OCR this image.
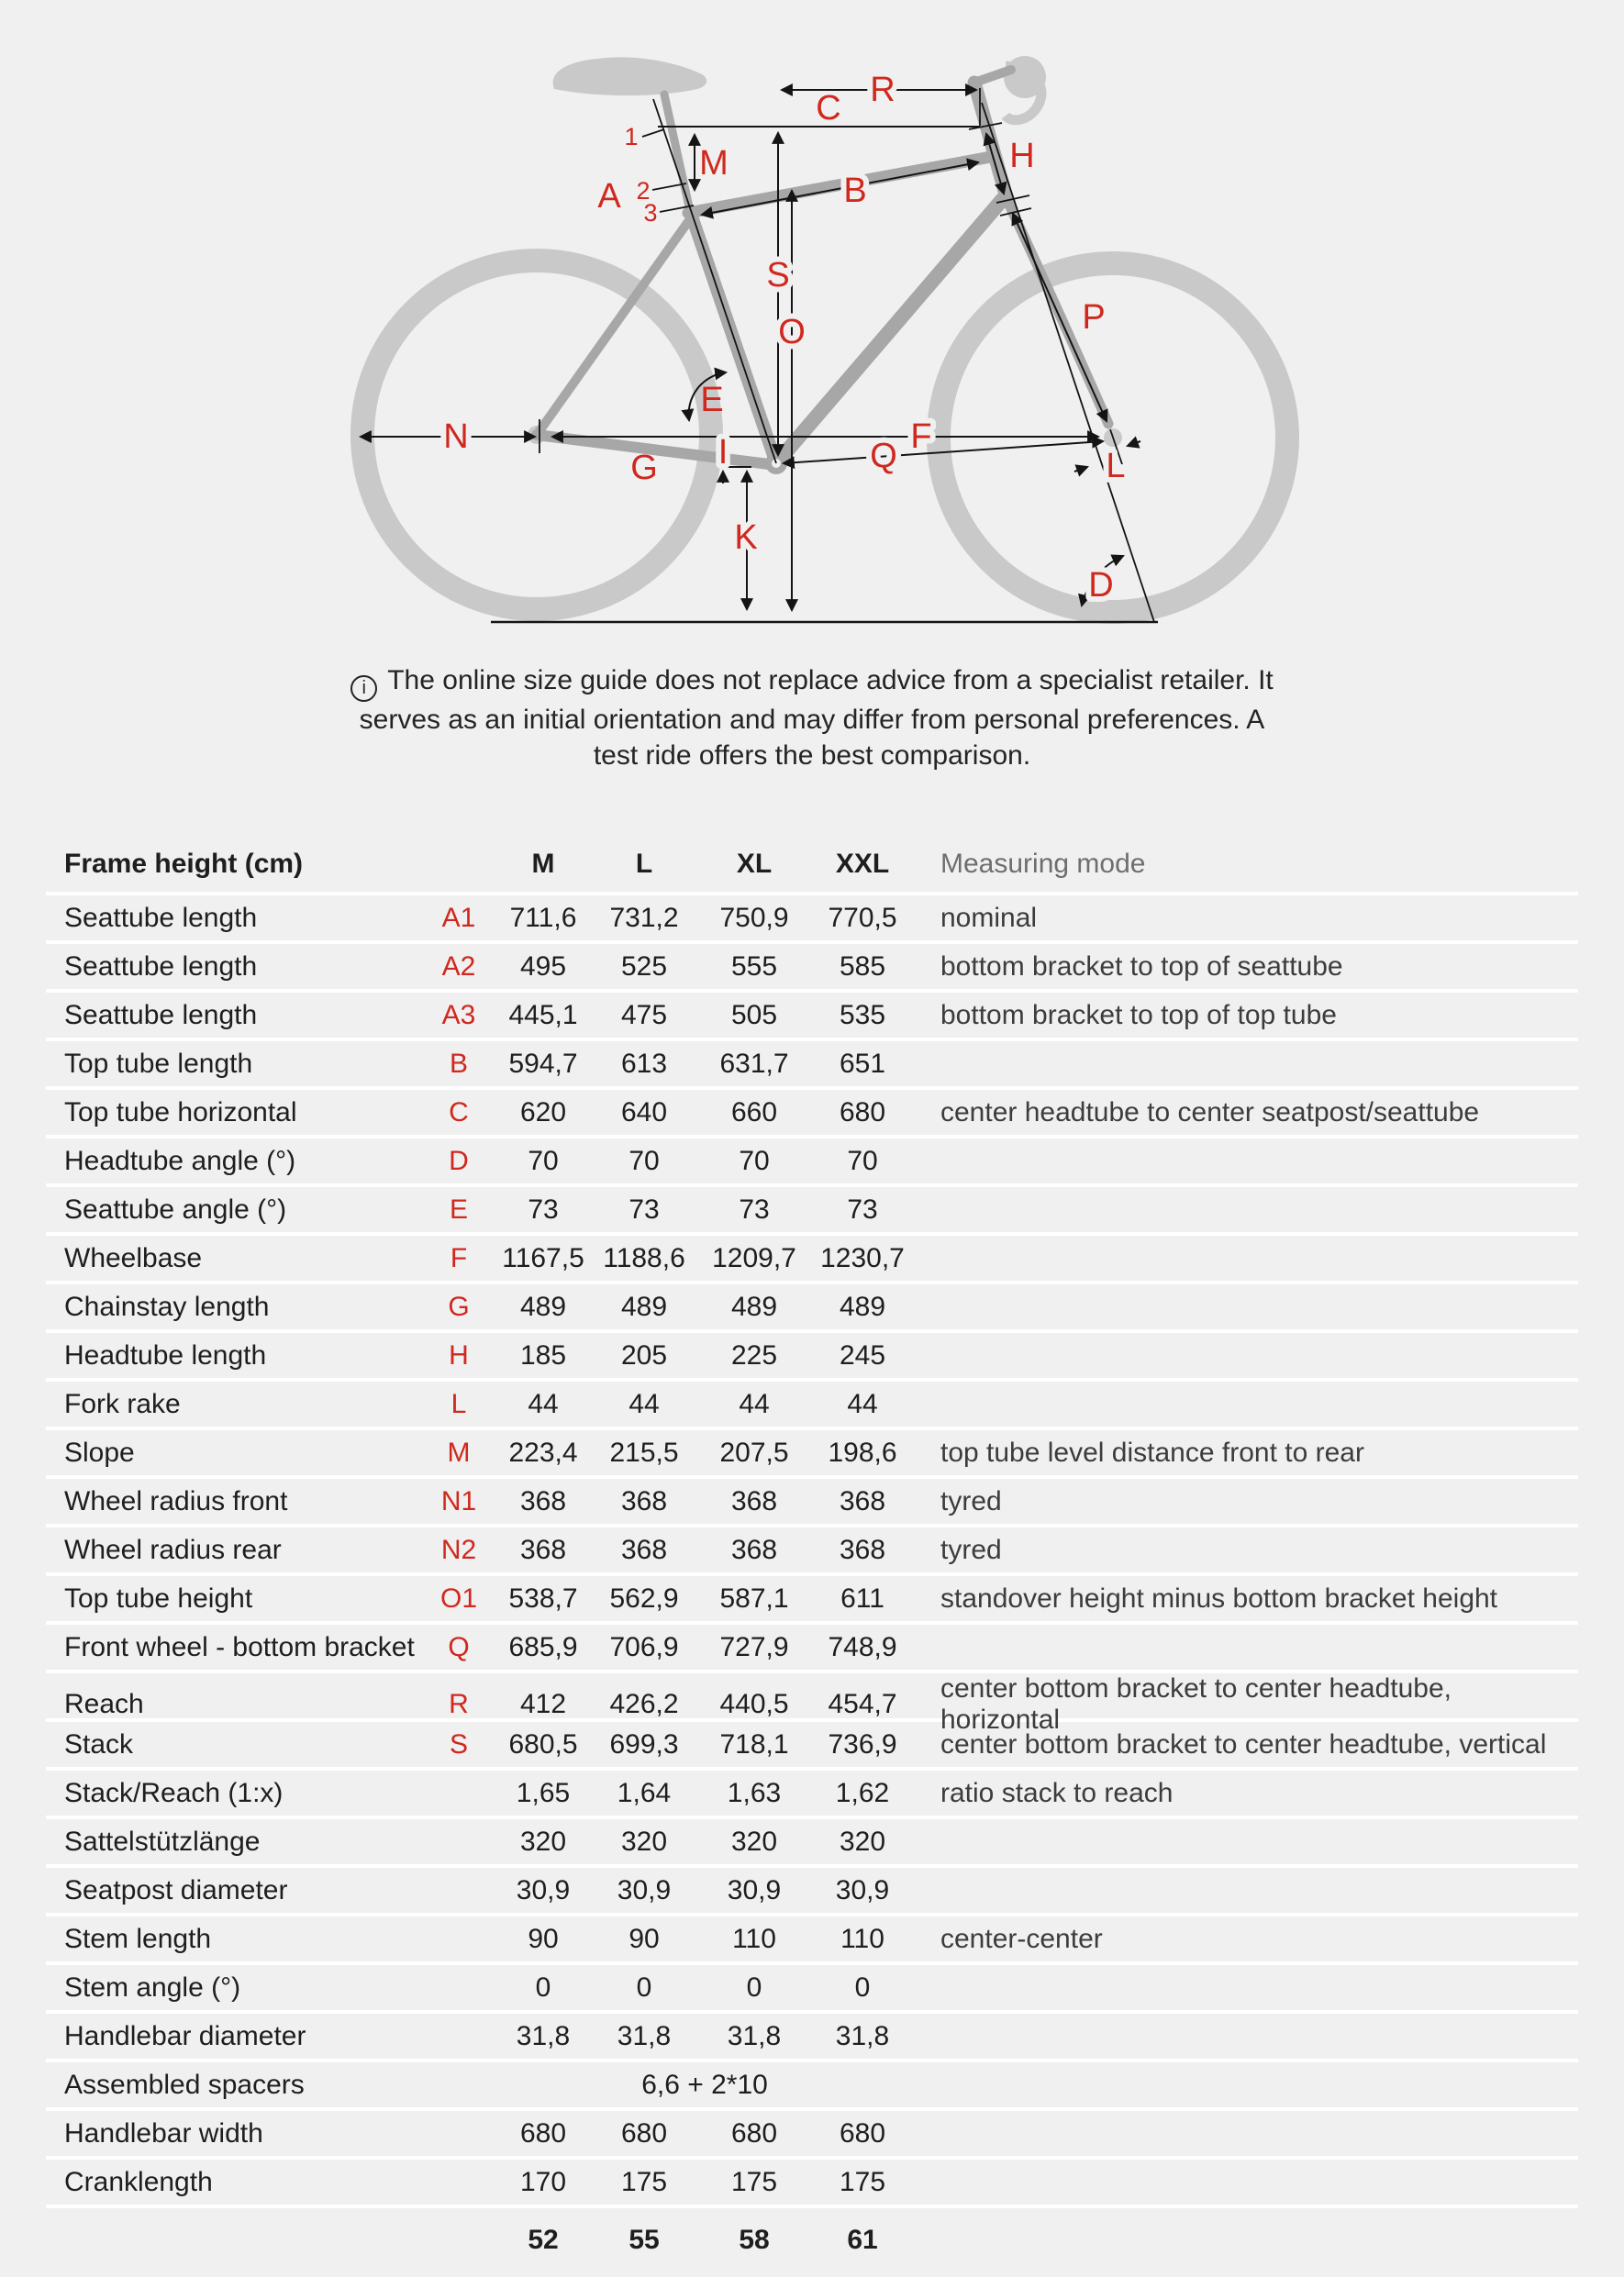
R
C
M
A
1
2
3
B
H
S
O
E
P
L
N
G I	Q F
K
D
i The online size guide does not replace advice from a specialist retailer. It
serves as an initial orientation and may differ from personal preferences. A
test ride offers the best comparison.
Frame height (cm)	M	L	XL	XXL	Measuring mode
Seattube length	A1	711,6	731,2	750,9	770,5	nominal
Seattube length	A2	495	525	555	585	bottom bracket to top of seattube
Seattube length	A3	445,1	475	505	535	bottom bracket to top of top tube
Top tube length	B	594,7	613	631,7	651
Top tube horizontal	C	620	640	660	680	center headtube to center seatpost/seattube
Headtube angle (°)	D	70	70	70	70
Seattube angle (°)	E	73	73	73	73
Wheelbase	F	1167,5 1188,6 1209,7 1230,7
Chainstay length	G	489	489	489	489
Headtube length	H	185	205	225	245
Fork rake	L	44	44	44	44
Slope	M	223,4	215,5	207,5	198,6	top tube level distance front to rear
Wheel radius front	N1	368	368	368	368	tyred
Wheel radius rear	N2	368	368	368	368	tyred
Top tube height	O1	538,7	562,9	587,1	611	standover height minus bottom bracket height
Front wheel - bottom bracket	Q	685,9	706,9	727,9	748,9
Reach	R	412	426,2	440,5	454,7
center bottom bracket to center headtube, horizontal
Stack	S	680,5	699,3	718,1	736,9	center bottom bracket to center headtube, vertical
Stack/Reach (1:x)	1,65	1,64	1,63	1,62	ratio stack to reach
Sattelstützlänge	320	320	320	320
Seatpost diameter	30,9	30,9	30,9	30,9
Stem length	90	90	110	110	center-center
Stem angle (°)	0	0	0	0
Handlebar diameter	31,8	31,8	31,8	31,8
Assembled spacers	6,6 + 2*10
Handlebar width	680	680	680	680
Cranklength	170	175	175	175
52	55	58	61
